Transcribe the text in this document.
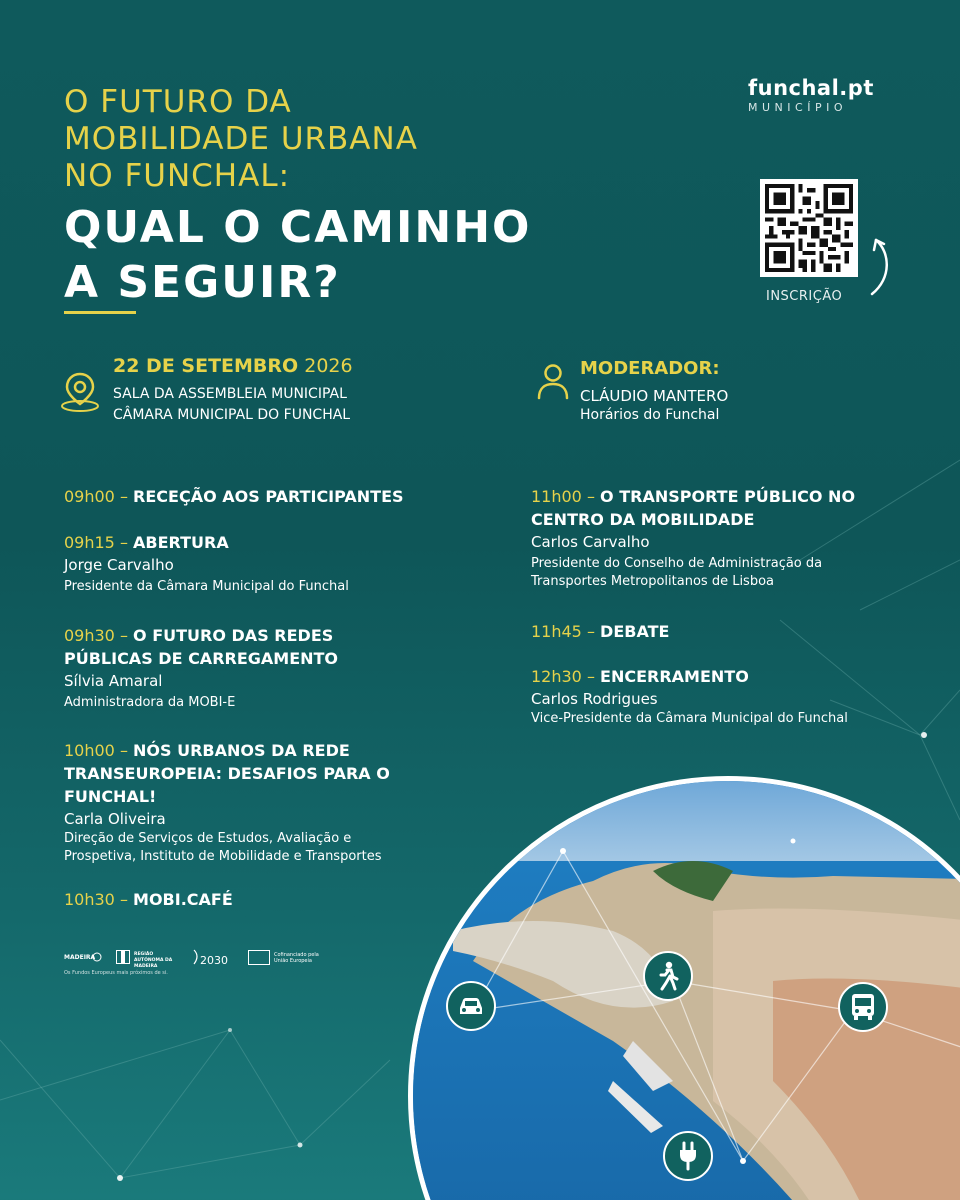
O FUTURO DA
MOBILIDADE URBANA
NO FUNCHAL:
QUAL O CAMINHO
A SEGUIR?
funchal.pt
MUNICÍPIO
INSCRIÇÃO
22 DE SETEMBRO 2026
SALA DA ASSEMBLEIA MUNICIPAL
CÂMARA MUNICIPAL DO FUNCHAL
MODERADOR:
CLÁUDIO MANTERO
Horários do Funchal
09h00 – RECEÇÃO AOS PARTICIPANTES
09h15 – ABERTURA
Jorge Carvalho
Presidente da Câmara Municipal do Funchal
09h30 – O FUTURO DAS REDES
PÚBLICAS DE CARREGAMENTO
Sílvia Amaral
Administradora da MOBI-E
10h00 – NÓS URBANOS DA REDE
TRANSEUROPEIA: DESAFIOS PARA O
FUNCHAL!
Carla Oliveira
Direção de Serviços de Estudos, Avaliação e
Prospetiva, Instituto de Mobilidade e Transportes
10h30 – MOBI.CAFÉ
11h00 – O TRANSPORTE PÚBLICO NO
CENTRO DA MOBILIDADE
Carlos Carvalho
Presidente do Conselho de Administração da
Transportes Metropolitanos de Lisboa
11h45 – DEBATE
12h30 – ENCERRAMENTO
Carlos Rodrigues
Vice-Presidente da Câmara Municipal do Funchal
MADEIRA	REGIÃO AUTÓNOMA DA MADEIRA	2030	Cofinanciado pela União Europeia
Os Fundos Europeus mais próximos de si.
